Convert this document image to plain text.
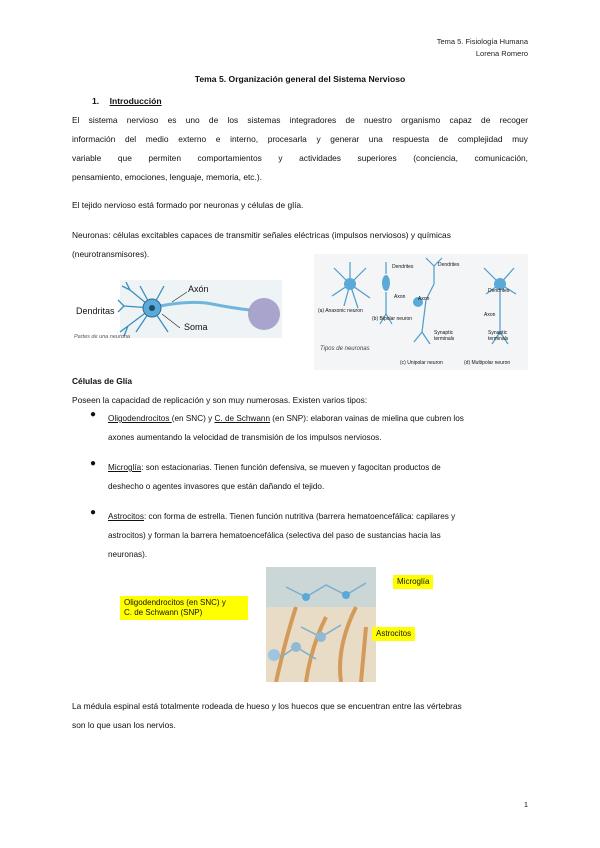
Tema 5. Fisiología Humana
Lorena Romero
Tema 5. Organización general del Sistema Nervioso
1. Introducción
El sistema nervioso es uno de los sistemas integradores de nuestro organismo capaz de recoger
información del medio externo e interno, procesarla y generar una respuesta de complejidad muy
variable que permiten comportamientos y actividades superiores (conciencia, comunicación,
pensamiento, emociones, lenguaje, memoria, etc.).
El tejido nervioso está formado por neuronas y células de glía.
Neuronas: células excitables capaces de transmitir señales eléctricas (impulsos nerviosos) y químicas
(neurotransmisores).
Dendritas
Axón
Soma
Partes de una neurona
Dendrites	Dendrites
Dendrites
Axon	Axon
Axon
Synaptic terminals
Synaptic terminals
(a) Anaxonic neuron
(b) Bipolar neuron
Tipos de neuronas
(c) Unipolar neuron	(d) Multipolar neuron
Células de Glía
Poseen la capacidad de replicación y son muy numerosas. Existen varios tipos:
● Oligodendrocitos (en SNC) y C. de Schwann (en SNP): elaboran vainas de mielina que cubren los
axones aumentando la velocidad de transmisión de los impulsos nerviosos.
● Microglía: son estacionarias. Tienen función defensiva, se mueven y fagocitan productos de
deshecho o agentes invasores que están dañando el tejido.
● Astrocitos: con forma de estrella. Tienen función nutritiva (barrera hematoencefálica: capilares y
astrocitos) y forman la barrera hematoencefálica (selectiva del paso de sustancias hacia las
neuronas).
Oligodendrocitos (en SNC) y
C. de Schwann (SNP)
Microglía
Astrocitos
La médula espinal está totalmente rodeada de hueso y los huecos que se encuentran entre las vértebras
son lo que usan los nervios.
1
